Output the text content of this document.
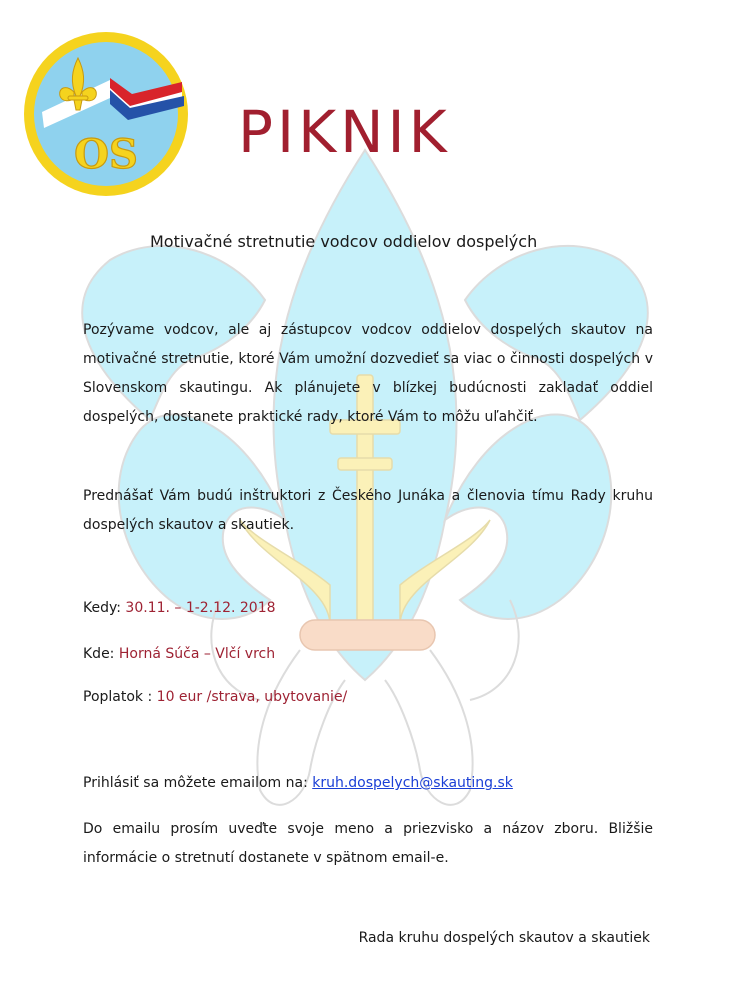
OS PIKNIK
Motivačné stretnutie vodcov oddielov dospelých
Pozývame vodcov, ale aj zástupcov vodcov oddielov dospelých skautov na motivačné stretnutie, ktoré Vám umožní dozvedieť sa viac o činnosti dospelých v Slovenskom skautingu. Ak plánujete v blízkej budúcnosti zakladať oddiel dospelých, dostanete praktické rady, ktoré Vám to môžu uľahčiť.
Prednášať Vám budú inštruktori z Českého Junáka a členovia tímu Rady kruhu dospelých skautov a skautiek.
Kedy: 30.11. – 1-2.12. 2018
Kde: Horná Súča – Vlčí vrch
Poplatok : 10 eur /strava, ubytovanie/
Prihlásiť sa môžete emailom na: kruh.dospelych@skauting.sk
Do emailu prosím uveďte svoje meno a priezvisko a názov zboru. Bližšie informácie o stretnutí dostanete v spätnom email-e.
Rada kruhu dospelých skautov a skautiek
